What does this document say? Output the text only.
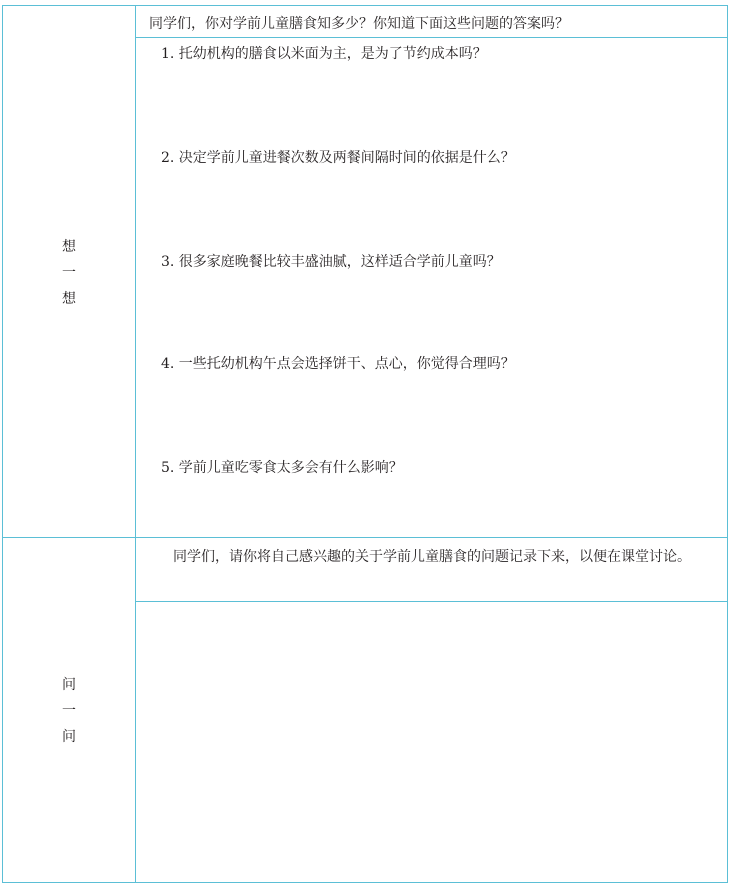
想
一
想
同学们，你对学前儿童膳食知多少？你知道下面这些问题的答案吗？
1. 托幼机构的膳食以米面为主，是为了节约成本吗？
2. 决定学前儿童进餐次数及两餐间隔时间的依据是什么？
3. 很多家庭晚餐比较丰盛油腻，这样适合学前儿童吗？
4. 一些托幼机构午点会选择饼干、点心，你觉得合理吗？
5. 学前儿童吃零食太多会有什么影响？
问
一
问
同学们，请你将自己感兴趣的关于学前儿童膳食的问题记录下来，以便在课堂讨论。
